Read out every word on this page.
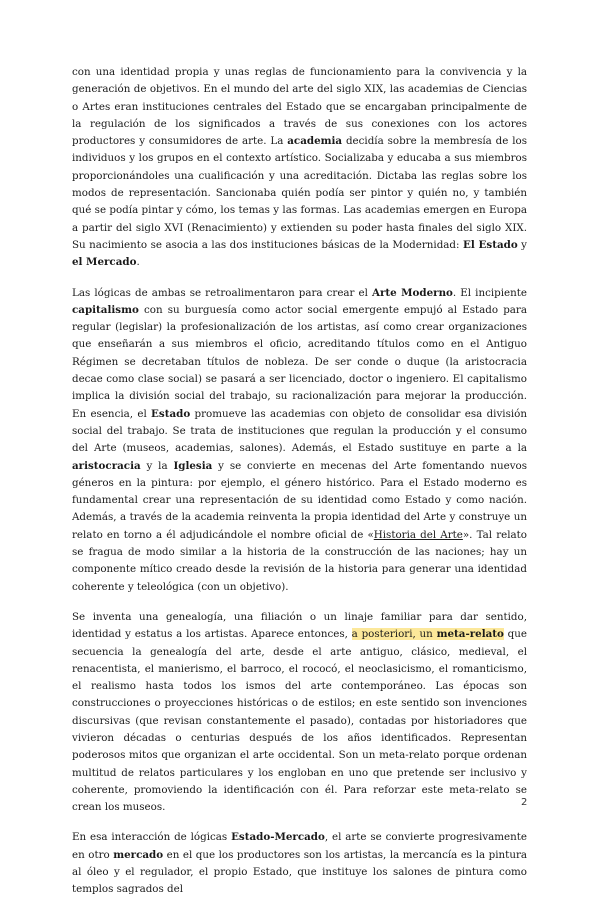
con una identidad propia y unas reglas de funcionamiento para la convivencia y la generación de objetivos. En el mundo del arte del siglo XIX, las academias de Ciencias o Artes eran instituciones centrales del Estado que se encargaban principalmente de la regulación de los significados a través de sus conexiones con los actores productores y consumidores de arte. La academia decidía sobre la membresía de los individuos y los grupos en el contexto artístico. Socializaba y educaba a sus miembros proporcionándoles una cualificación y una acreditación. Dictaba las reglas sobre los modos de representación. Sancionaba quién podía ser pintor y quién no, y también qué se podía pintar y cómo, los temas y las formas. Las academias emergen en Europa a partir del siglo XVI (Renacimiento) y extienden su poder hasta finales del siglo XIX. Su nacimiento se asocia a las dos instituciones básicas de la Modernidad: El Estado y el Mercado.

Las lógicas de ambas se retroalimentaron para crear el Arte Moderno. El incipiente capitalismo con su burguesía como actor social emergente empujó al Estado para regular (legislar) la profesionalización de los artistas, así como crear organizaciones que enseñarán a sus miembros el oficio, acreditando títulos como en el Antiguo Régimen se decretaban títulos de nobleza. De ser conde o duque (la aristocracia decae como clase social) se pasará a ser licenciado, doctor o ingeniero. El capitalismo implica la división social del trabajo, su racionalización para mejorar la producción. En esencia, el Estado promueve las academias con objeto de consolidar esa división social del trabajo. Se trata de instituciones que regulan la producción y el consumo del Arte (museos, academias, salones). Además, el Estado sustituye en parte a la aristocracia y la Iglesia y se convierte en mecenas del Arte fomentando nuevos géneros en la pintura: por ejemplo, el género histórico. Para el Estado moderno es fundamental crear una representación de su identidad como Estado y como nación. Además, a través de la academia reinventa la propia identidad del Arte y construye un relato en torno a él adjudicándole el nombre oficial de «Historia del Arte». Tal relato se fragua de modo similar a la historia de la construcción de las naciones; hay un componente mítico creado desde la revisión de la historia para generar una identidad coherente y teleológica (con un objetivo).

Se inventa una genealogía, una filiación o un linaje familiar para dar sentido, identidad y estatus a los artistas. Aparece entonces, a posteriori, un meta-relato que secuencia la genealogía del arte, desde el arte antiguo, clásico, medieval, el renacentista, el manierismo, el barroco, el rococó, el neoclasicismo, el romanticismo, el realismo hasta todos los ismos del arte contemporáneo. Las épocas son construcciones o proyecciones históricas o de estilos; en este sentido son invenciones discursivas (que revisan constantemente el pasado), contadas por historiadores que vivieron décadas o centurias después de los años identificados. Representan poderosos mitos que organizan el arte occidental. Son un meta-relato porque ordenan multitud de relatos particulares y los engloban en uno que pretende ser inclusivo y coherente, promoviendo la identificación con él. Para reforzar este meta-relato se crean los museos.

En esa interacción de lógicas Estado-Mercado, el arte se convierte progresivamente en otro mercado en el que los productores son los artistas, la mercancía es la pintura al óleo y el regulador, el propio Estado, que instituye los salones de pintura como templos sagrados del

2
